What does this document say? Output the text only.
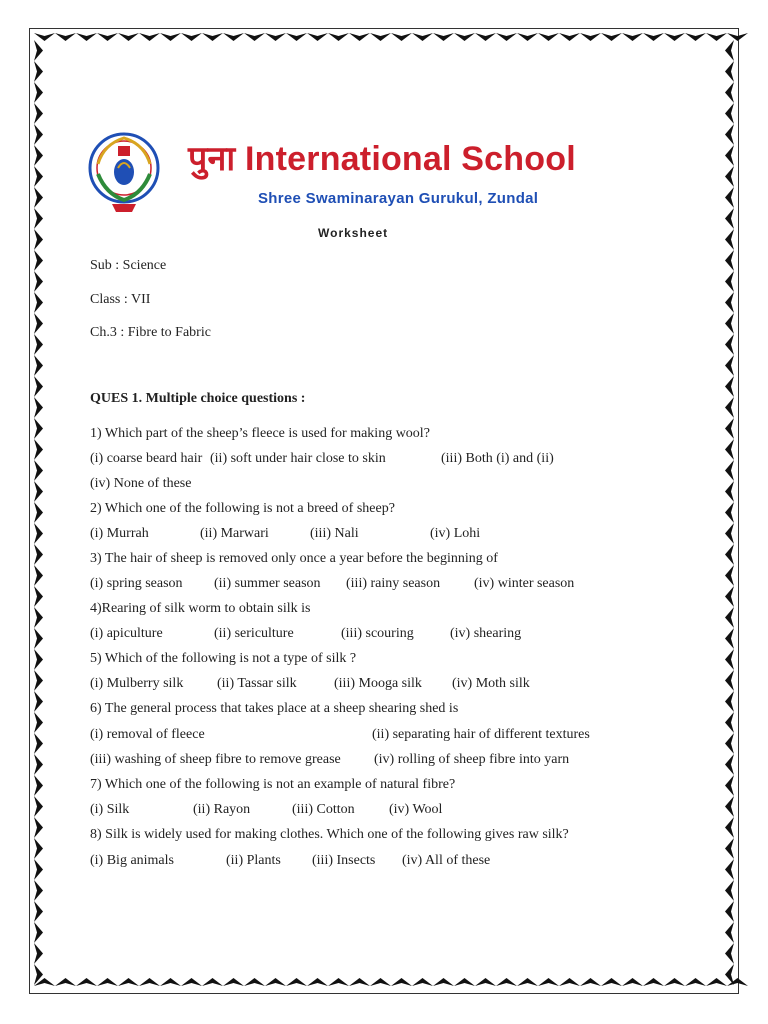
पुना International School
Shree Swaminarayan Gurukul, Zundal
Worksheet
Sub : Science
Class : VII
Ch.3 : Fibre to Fabric
QUES 1. Multiple choice questions :
1) Which part of the sheep’s fleece is used for making wool?
(i) coarse beard hair (ii) soft under hair close to skin	(iii) Both (i) and (ii)
(iv) None of these
2) Which one of the following is not a breed of sheep?
(i) Murrah	(ii) Marwari	(iii) Nali	(iv) Lohi
3) The hair of sheep is removed only once a year before the beginning of
(i) spring season (ii) summer season (iii) rainy season (iv) winter season
4)Rearing of silk worm to obtain silk is
(i) apiculture	(ii) sericulture	(iii) scouring	(iv) shearing
5) Which of the following is not a type of silk ?
(i) Mulberry silk (ii) Tassar silk	(iii) Mooga silk (iv) Moth silk
6) The general process that takes place at a sheep shearing shed is
(i) removal of fleece	(ii) separating hair of different textures
(iii) washing of sheep fibre to remove grease (iv) rolling of sheep fibre into yarn
7) Which one of the following is not an example of natural fibre?
(i) Silk	(ii) Rayon	(iii) Cotton (iv) Wool
8) Silk is widely used for making clothes. Which one of the following gives raw silk?
(i) Big animals	(ii) Plants (iii) Insects (iv) All of these
